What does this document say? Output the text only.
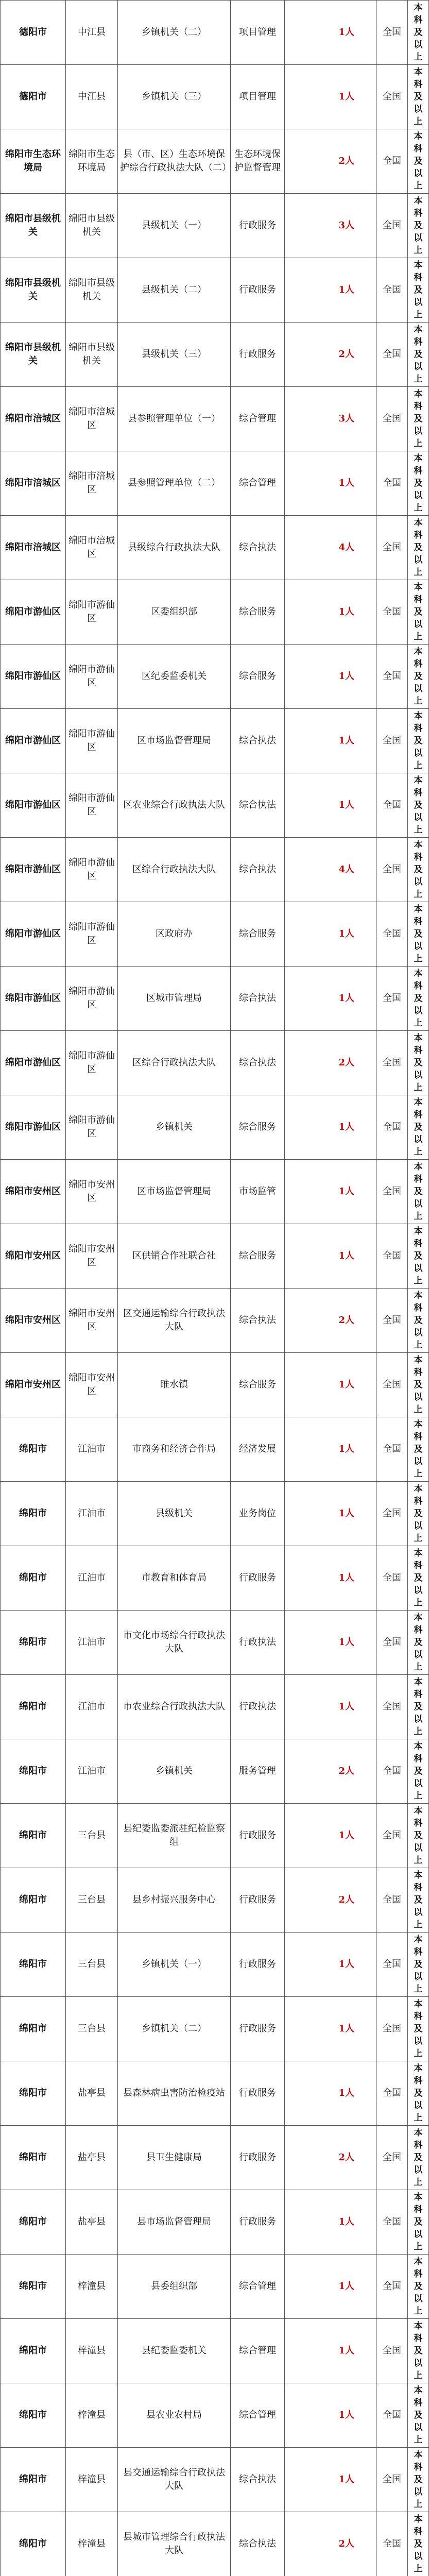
德阳市	中江县	乡镇机关（二）	项目管理	1人	全国	本科及以上
德阳市	中江县	乡镇机关（三）	项目管理	1人	全国	本科及以上
绵阳市生态环境局	绵阳市生态环境局	县（市、区）生态环境保护综合行政执法大队（二）	生态环境保护监督管理	2人	全国	本科及以上
绵阳市县级机关	绵阳市县级机关	县级机关（一）	行政服务	3人	全国	本科及以上
绵阳市县级机关	绵阳市县级机关	县级机关（二）	行政服务	1人	全国	本科及以上
绵阳市县级机关	绵阳市县级机关	县级机关（三）	行政服务	2人	全国	本科及以上
绵阳市涪城区	绵阳市涪城区	县参照管理单位（一）	综合管理	3人	全国	本科及以上
绵阳市涪城区	绵阳市涪城区	县参照管理单位（二）	综合管理	1人	全国	本科及以上
绵阳市涪城区	绵阳市涪城区	县级综合行政执法大队	综合执法	4人	全国	本科及以上
绵阳市游仙区	绵阳市游仙区	区委组织部	综合服务	1人	全国	本科及以上
绵阳市游仙区	绵阳市游仙区	区纪委监委机关	综合服务	1人	全国	本科及以上
绵阳市游仙区	绵阳市游仙区	区市场监督管理局	综合执法	1人	全国	本科及以上
绵阳市游仙区	绵阳市游仙区	区农业综合行政执法大队	综合执法	1人	全国	本科及以上
绵阳市游仙区	绵阳市游仙区	区综合行政执法大队	综合执法	4人	全国	本科及以上
绵阳市游仙区	绵阳市游仙区	区政府办	综合服务	1人	全国	本科及以上
绵阳市游仙区	绵阳市游仙区	区城市管理局	综合执法	1人	全国	本科及以上
绵阳市游仙区	绵阳市游仙区	区综合行政执法大队	综合执法	2人	全国	本科及以上
绵阳市游仙区	绵阳市游仙区	乡镇机关	综合服务	1人	全国	本科及以上
绵阳市安州区	绵阳市安州区	区市场监督管理局	市场监管	1人	全国	本科及以上
绵阳市安州区	绵阳市安州区	区供销合作社联合社	综合服务	1人	全国	本科及以上
绵阳市安州区	绵阳市安州区	区交通运输综合行政执法大队	综合执法	2人	全国	本科及以上
绵阳市安州区	绵阳市安州区	睢水镇	综合服务	1人	全国	本科及以上
绵阳市	江油市	市商务和经济合作局	经济发展	1人	全国	本科及以上
绵阳市	江油市	县级机关	业务岗位	1人	全国	本科及以上
绵阳市	江油市	市教育和体育局	行政服务	1人	全国	本科及以上
绵阳市	江油市	市文化市场综合行政执法大队	行政执法	1人	全国	本科及以上
绵阳市	江油市	市农业综合行政执法大队	行政执法	1人	全国	本科及以上
绵阳市	江油市	乡镇机关	服务管理	2人	全国	本科及以上
绵阳市	三台县	县纪委监委派驻纪检监察组	行政服务	1人	全国	本科及以上
绵阳市	三台县	县乡村振兴服务中心	行政服务	2人	全国	本科及以上
绵阳市	三台县	乡镇机关（一）	行政服务	1人	全国	本科及以上
绵阳市	三台县	乡镇机关（二）	行政服务	1人	全国	本科及以上
绵阳市	盐亭县	县森林病虫害防治检疫站	行政服务	1人	全国	本科及以上
绵阳市	盐亭县	县卫生健康局	行政服务	2人	全国	本科及以上
绵阳市	盐亭县	县市场监督管理局	行政服务	1人	全国	本科及以上
绵阳市	梓潼县	县委组织部	综合管理	1人	全国	本科及以上
绵阳市	梓潼县	县纪委监委机关	综合管理	1人	全国	本科及以上
绵阳市	梓潼县	县农业农村局	综合管理	1人	全国	本科及以上
绵阳市	梓潼县	县交通运输综合行政执法大队	综合执法	1人	全国	本科及以上
绵阳市	梓潼县	县城市管理综合行政执法大队	综合执法	2人	全国	本科及以上
